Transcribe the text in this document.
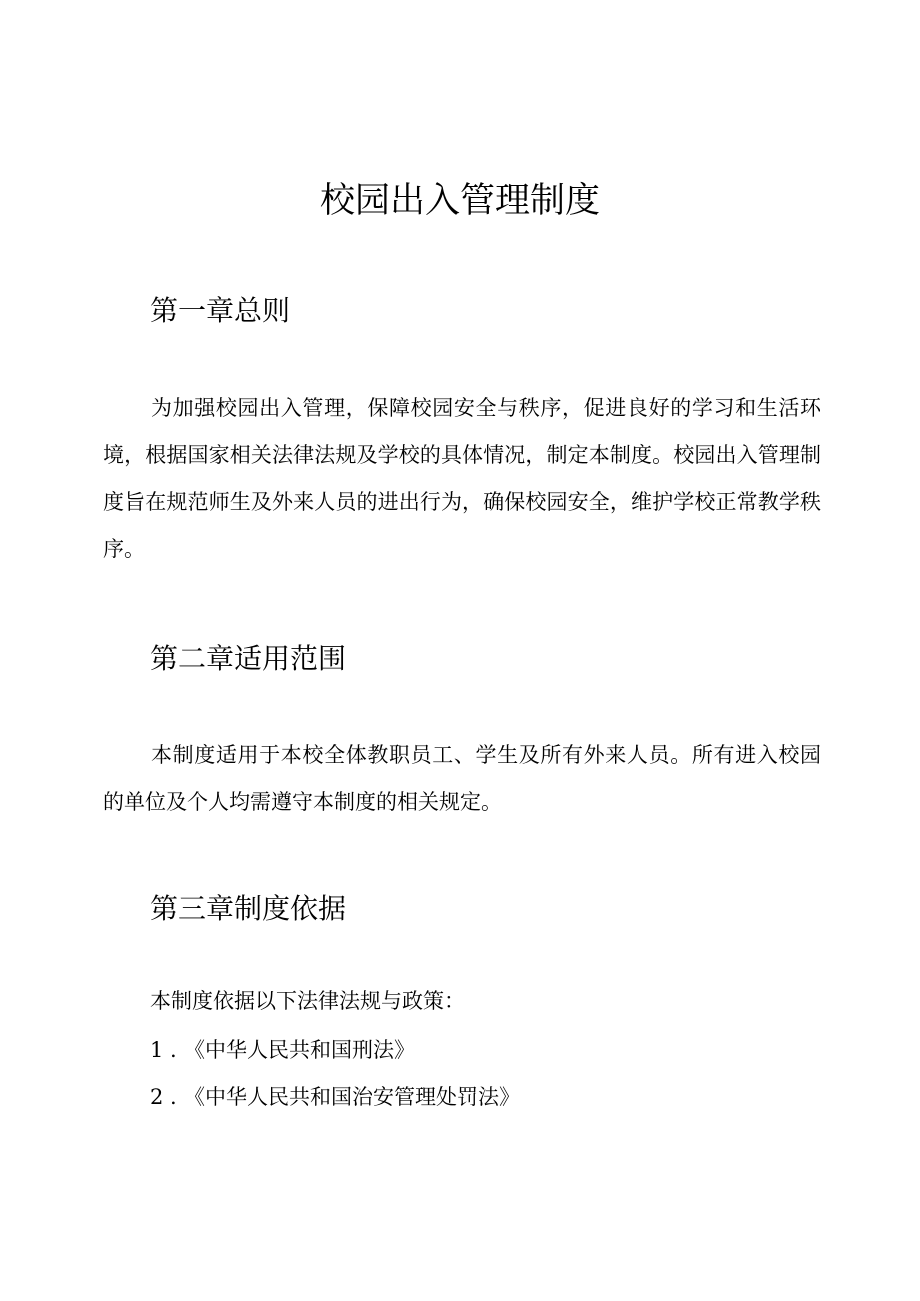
校园出入管理制度
第一章总则

为加强校园出入管理，保障校园安全与秩序，促进良好的学习和生活环境，根据国家相关法律法规及学校的具体情况，制定本制度。校园出入管理制度旨在规范师生及外来人员的进出行为，确保校园安全，维护学校正常教学秩序。

第二章适用范围

本制度适用于本校全体教职员工、学生及所有外来人员。所有进入校园的单位及个人均需遵守本制度的相关规定。

第三章制度依据

本制度依据以下法律法规与政策：

1 . 《中华人民共和国刑法》

2 . 《中华人民共和国治安管理处罚法》
